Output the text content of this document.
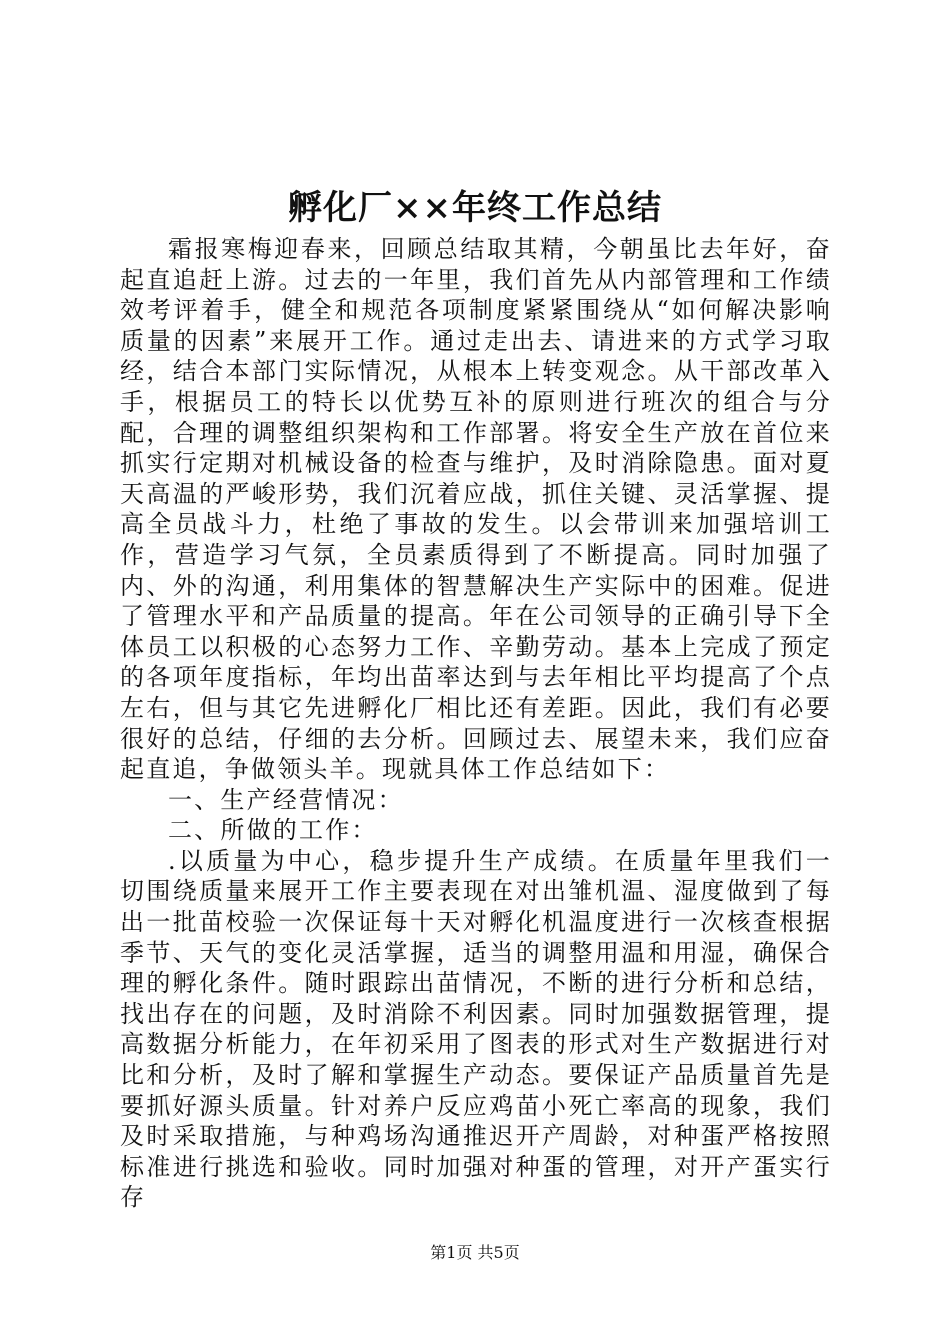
孵化厂××年终工作总结

霜报寒梅迎春来，回顾总结取其精，今朝虽比去年好，奋起直追赶上游。过去的一年里，我们首先从内部管理和工作绩效考评着手，健全和规范各项制度紧紧围绕从“如何解决影响质量的因素”来展开工作。通过走出去、请进来的方式学习取经，结合本部门实际情况，从根本上转变观念。从干部改革入手，根据员工的特长以优势互补的原则进行班次的组合与分配，合理的调整组织架构和工作部署。将安全生产放在首位来抓实行定期对机械设备的检查与维护，及时消除隐患。面对夏天高温的严峻形势，我们沉着应战，抓住关键、灵活掌握、提高全员战斗力，杜绝了事故的发生。以会带训来加强培训工作，营造学习气氛，全员素质得到了不断提高。同时加强了内、外的沟通，利用集体的智慧解决生产实际中的困难。促进了管理水平和产品质量的提高。年在公司领导的正确引导下全体员工以积极的心态努力工作、辛勤劳动。基本上完成了预定的各项年度指标，年均出苗率达到与去年相比平均提高了个点左右，但与其它先进孵化厂相比还有差距。因此，我们有必要很好的总结，仔细的去分析。回顾过去、展望未来，我们应奋起直追，争做领头羊。现就具体工作总结如下：

一、生产经营情况：

二、所做的工作：

.以质量为中心，稳步提升生产成绩。在质量年里我们一切围绕质量来展开工作主要表现在对出雏机温、湿度做到了每出一批苗校验一次保证每十天对孵化机温度进行一次核查根据季节、天气的变化灵活掌握，适当的调整用温和用湿，确保合理的孵化条件。随时跟踪出苗情况，不断的进行分析和总结，找出存在的问题，及时消除不利因素。同时加强数据管理，提高数据分析能力，在年初采用了图表的形式对生产数据进行对比和分析，及时了解和掌握生产动态。要保证产品质量首先是要抓好源头质量。针对养户反应鸡苗小死亡率高的现象，我们及时采取措施，与种鸡场沟通推迟开产周龄，对种蛋严格按照标准进行挑选和验收。同时加强对种蛋的管理，对开产蛋实行存

第1页 共5页
